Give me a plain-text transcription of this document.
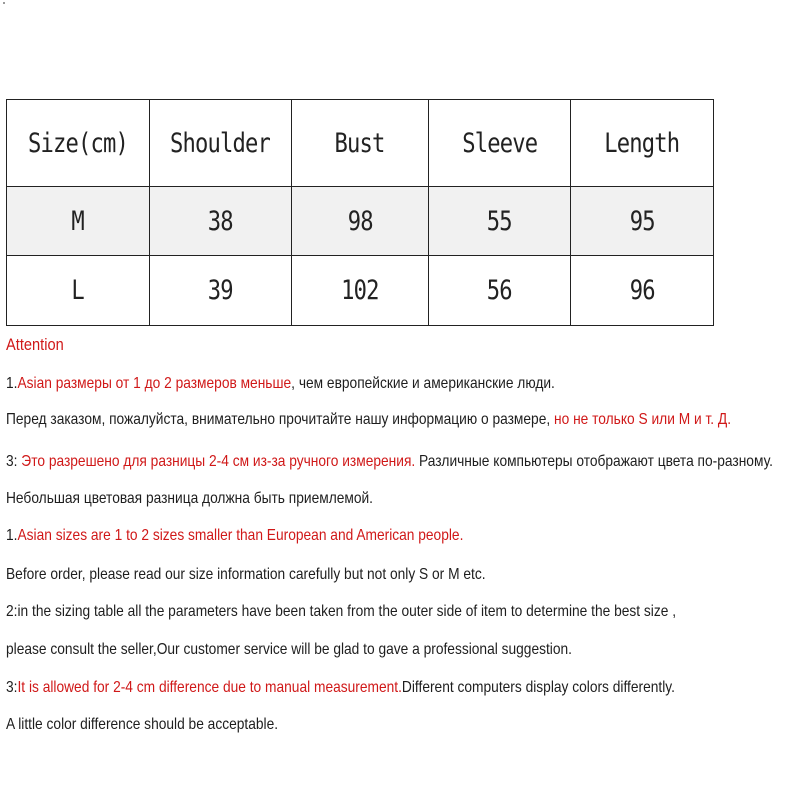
Size(cm)	Shoulder	Bust	Sleeve	Length
M	38	98	55	95
L	39	102	56	96
Attention
1.Asian размеры от 1 до 2 размеров меньше, чем европейские и американские люди.
Перед заказом, пожалуйста, внимательно прочитайте нашу информацию о размере, но не только S или M и т. Д.
3: Это разрешено для разницы 2-4 см из-за ручного измерения. Различные компьютеры отображают цвета по-разному.
Небольшая цветовая разница должна быть приемлемой.
1.Asian sizes are 1 to 2 sizes smaller than European and American people.
Before order, please read our size information carefully but not only S or M etc.
2:in the sizing table all the parameters have been taken from the outer side of item to determine the best size ,
please consult the seller,Our customer service will be glad to gave a professional suggestion.
3:It is allowed for 2-4 cm difference due to manual measurement.Different computers display colors differently.
A little color difference should be acceptable.
